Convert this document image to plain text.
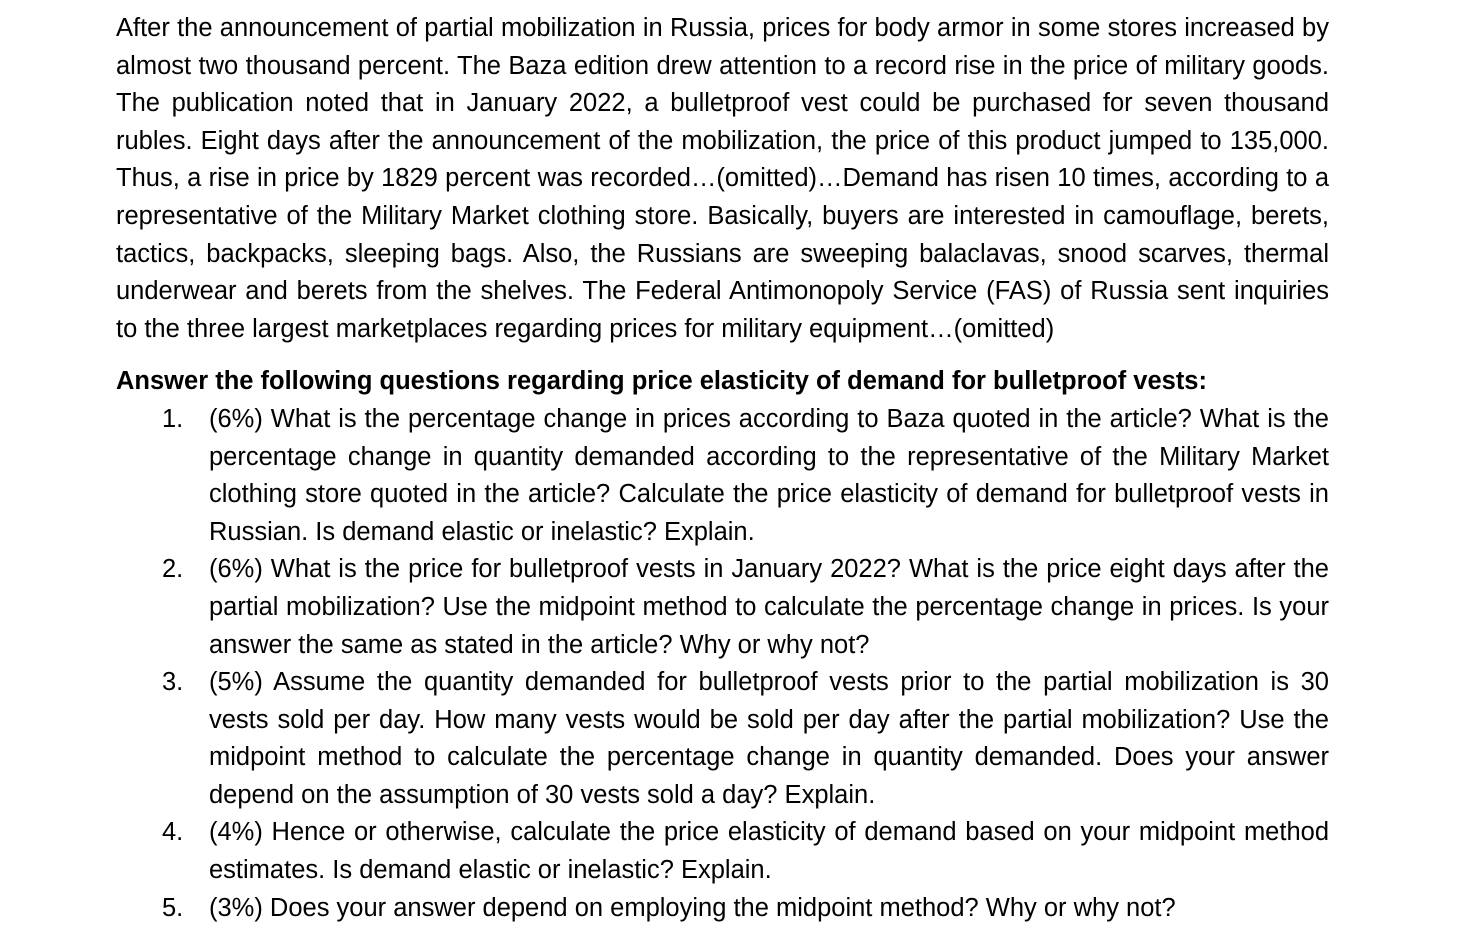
After the announcement of partial mobilization in Russia, prices for body armor in some stores increased by almost two thousand percent. The Baza edition drew attention to a record rise in the price of military goods. The publication noted that in January 2022, a bulletproof vest could be purchased for seven thousand rubles. Eight days after the announcement of the mobilization, the price of this product jumped to 135,000. Thus, a rise in price by 1829 percent was recorded…(omitted)…Demand has risen 10 times, according to a representative of the Military Market clothing store. Basically, buyers are interested in camouflage, berets, tactics, backpacks, sleeping bags. Also, the Russians are sweeping balaclavas, snood scarves, thermal underwear and berets from the shelves. The Federal Antimonopoly Service (FAS) of Russia sent inquiries to the three largest marketplaces regarding prices for military equipment…(omitted)

Answer the following questions regarding price elasticity of demand for bulletproof vests:

1. (6%) What is the percentage change in prices according to Baza quoted in the article? What is the percentage change in quantity demanded according to the representative of the Military Market clothing store quoted in the article? Calculate the price elasticity of demand for bulletproof vests in Russian. Is demand elastic or inelastic? Explain.
2. (6%) What is the price for bulletproof vests in January 2022? What is the price eight days after the partial mobilization? Use the midpoint method to calculate the percentage change in prices. Is your answer the same as stated in the article? Why or why not?
3. (5%) Assume the quantity demanded for bulletproof vests prior to the partial mobilization is 30 vests sold per day. How many vests would be sold per day after the partial mobilization? Use the midpoint method to calculate the percentage change in quantity demanded. Does your answer depend on the assumption of 30 vests sold a day? Explain.
4. (4%) Hence or otherwise, calculate the price elasticity of demand based on your midpoint method estimates. Is demand elastic or inelastic? Explain.
5. (3%) Does your answer depend on employing the midpoint method? Why or why not?
